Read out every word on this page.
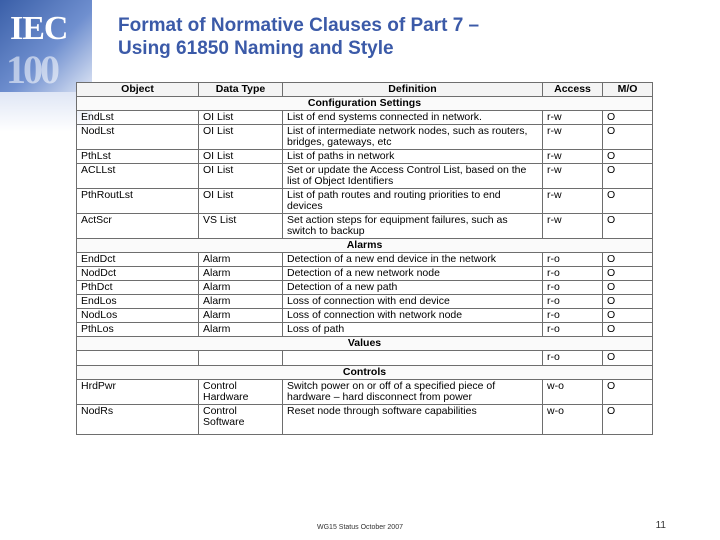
IEC
100
Format of Normative Clauses of Part 7 –
Using 61850 Naming and Style
Object	Data Type	Definition	Access	M/O
Configuration Settings				
EndLst	OI List	List of end systems connected in network.	r-w	O
NodLst	OI List	List of intermediate network nodes, such as routers, bridges, gateways, etc	r-w	O
PthLst	OI List	List of paths in network	r-w	O
ACLLst	OI List	Set or update the Access Control List, based on the list of Object Identifiers	r-w	O
PthRoutLst	OI List	List of path routes and routing priorities to end devices	r-w	O
ActScr	VS List	Set action steps for equipment failures, such as switch to backup	r-w	O
Alarms				
EndDct	Alarm	Detection of a new end device in the network	r-o	O
NodDct	Alarm	Detection of a new network node	r-o	O
PthDct	Alarm	Detection of a new path	r-o	O
EndLos	Alarm	Loss of connection with end device	r-o	O
NodLos	Alarm	Loss of connection with network node	r-o	O
PthLos	Alarm	Loss of path	r-o	O
Values				
			r-o	O
Controls				
HrdPwr	Control Hardware	Switch power on or off of a specified piece of hardware – hard disconnect from power	w-o	O
NodRs	Control Software	Reset node through software capabilities	w-o	O
WG15 Status October 2007	11
